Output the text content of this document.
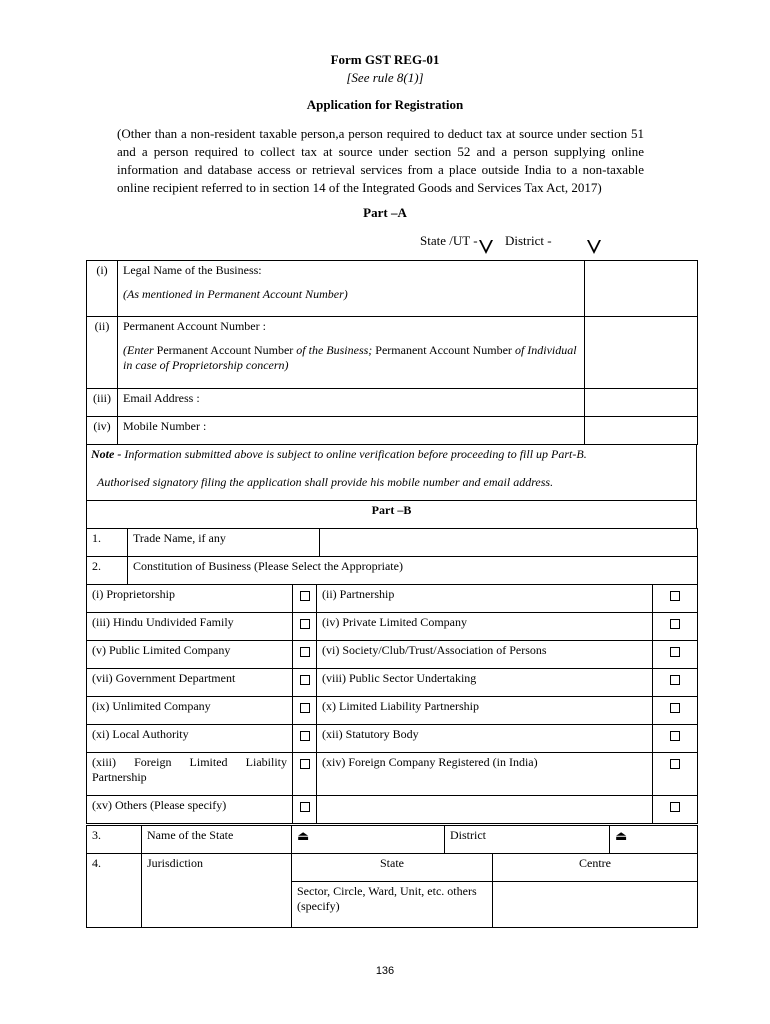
Form GST REG-01
[See rule 8(1)]
Application for Registration
(Other than a non-resident taxable person,a person required to deduct tax at source under section 51 and a person required to collect tax at source under section 52 and a person supplying online information and database access or retrieval services from a place outside India to a non-taxable online recipient referred to in section 14 of the Integrated Goods and Services Tax Act, 2017)
Part –A
State /UT - District -
(i)	Legal Name of the Business:
(As mentioned in Permanent Account Number)	

(ii)	Permanent Account Number :
(Enter Permanent Account Number of the Business; Permanent Account Number of Individual in case of Proprietorship concern)	

(iii)	Email Address :	
(iv)	Mobile Number :	
Note - Information submitted above is subject to online verification before proceeding to fill up Part-B.
Authorised signatory filing the application shall provide his mobile number and email address.

Part –B
1.	Trade Name, if any	
2.	Constitution of Business (Please Select the Appropriate)	
(i) Proprietorship		(ii) Partnership	
(iii) Hindu Undivided Family		(iv) Private Limited Company	
(v) Public Limited Company		(vi) Society/Club/Trust/Association of Persons	
(vii) Government Department		(viii) Public Sector Undertaking	
(ix) Unlimited Company		(x) Limited Liability Partnership	
(xi) Local Authority		(xii) Statutory Body	
(xiii) Foreign Limited Liability Partnership		(xiv) Foreign Company Registered (in India)	
(xv) Others (Please specify)			
3.	Name of the State	⏏	District		⏏
4.	Jurisdiction	State		Centre	
		Sector, Circle, Ward, Unit, etc. others (specify)			
136
